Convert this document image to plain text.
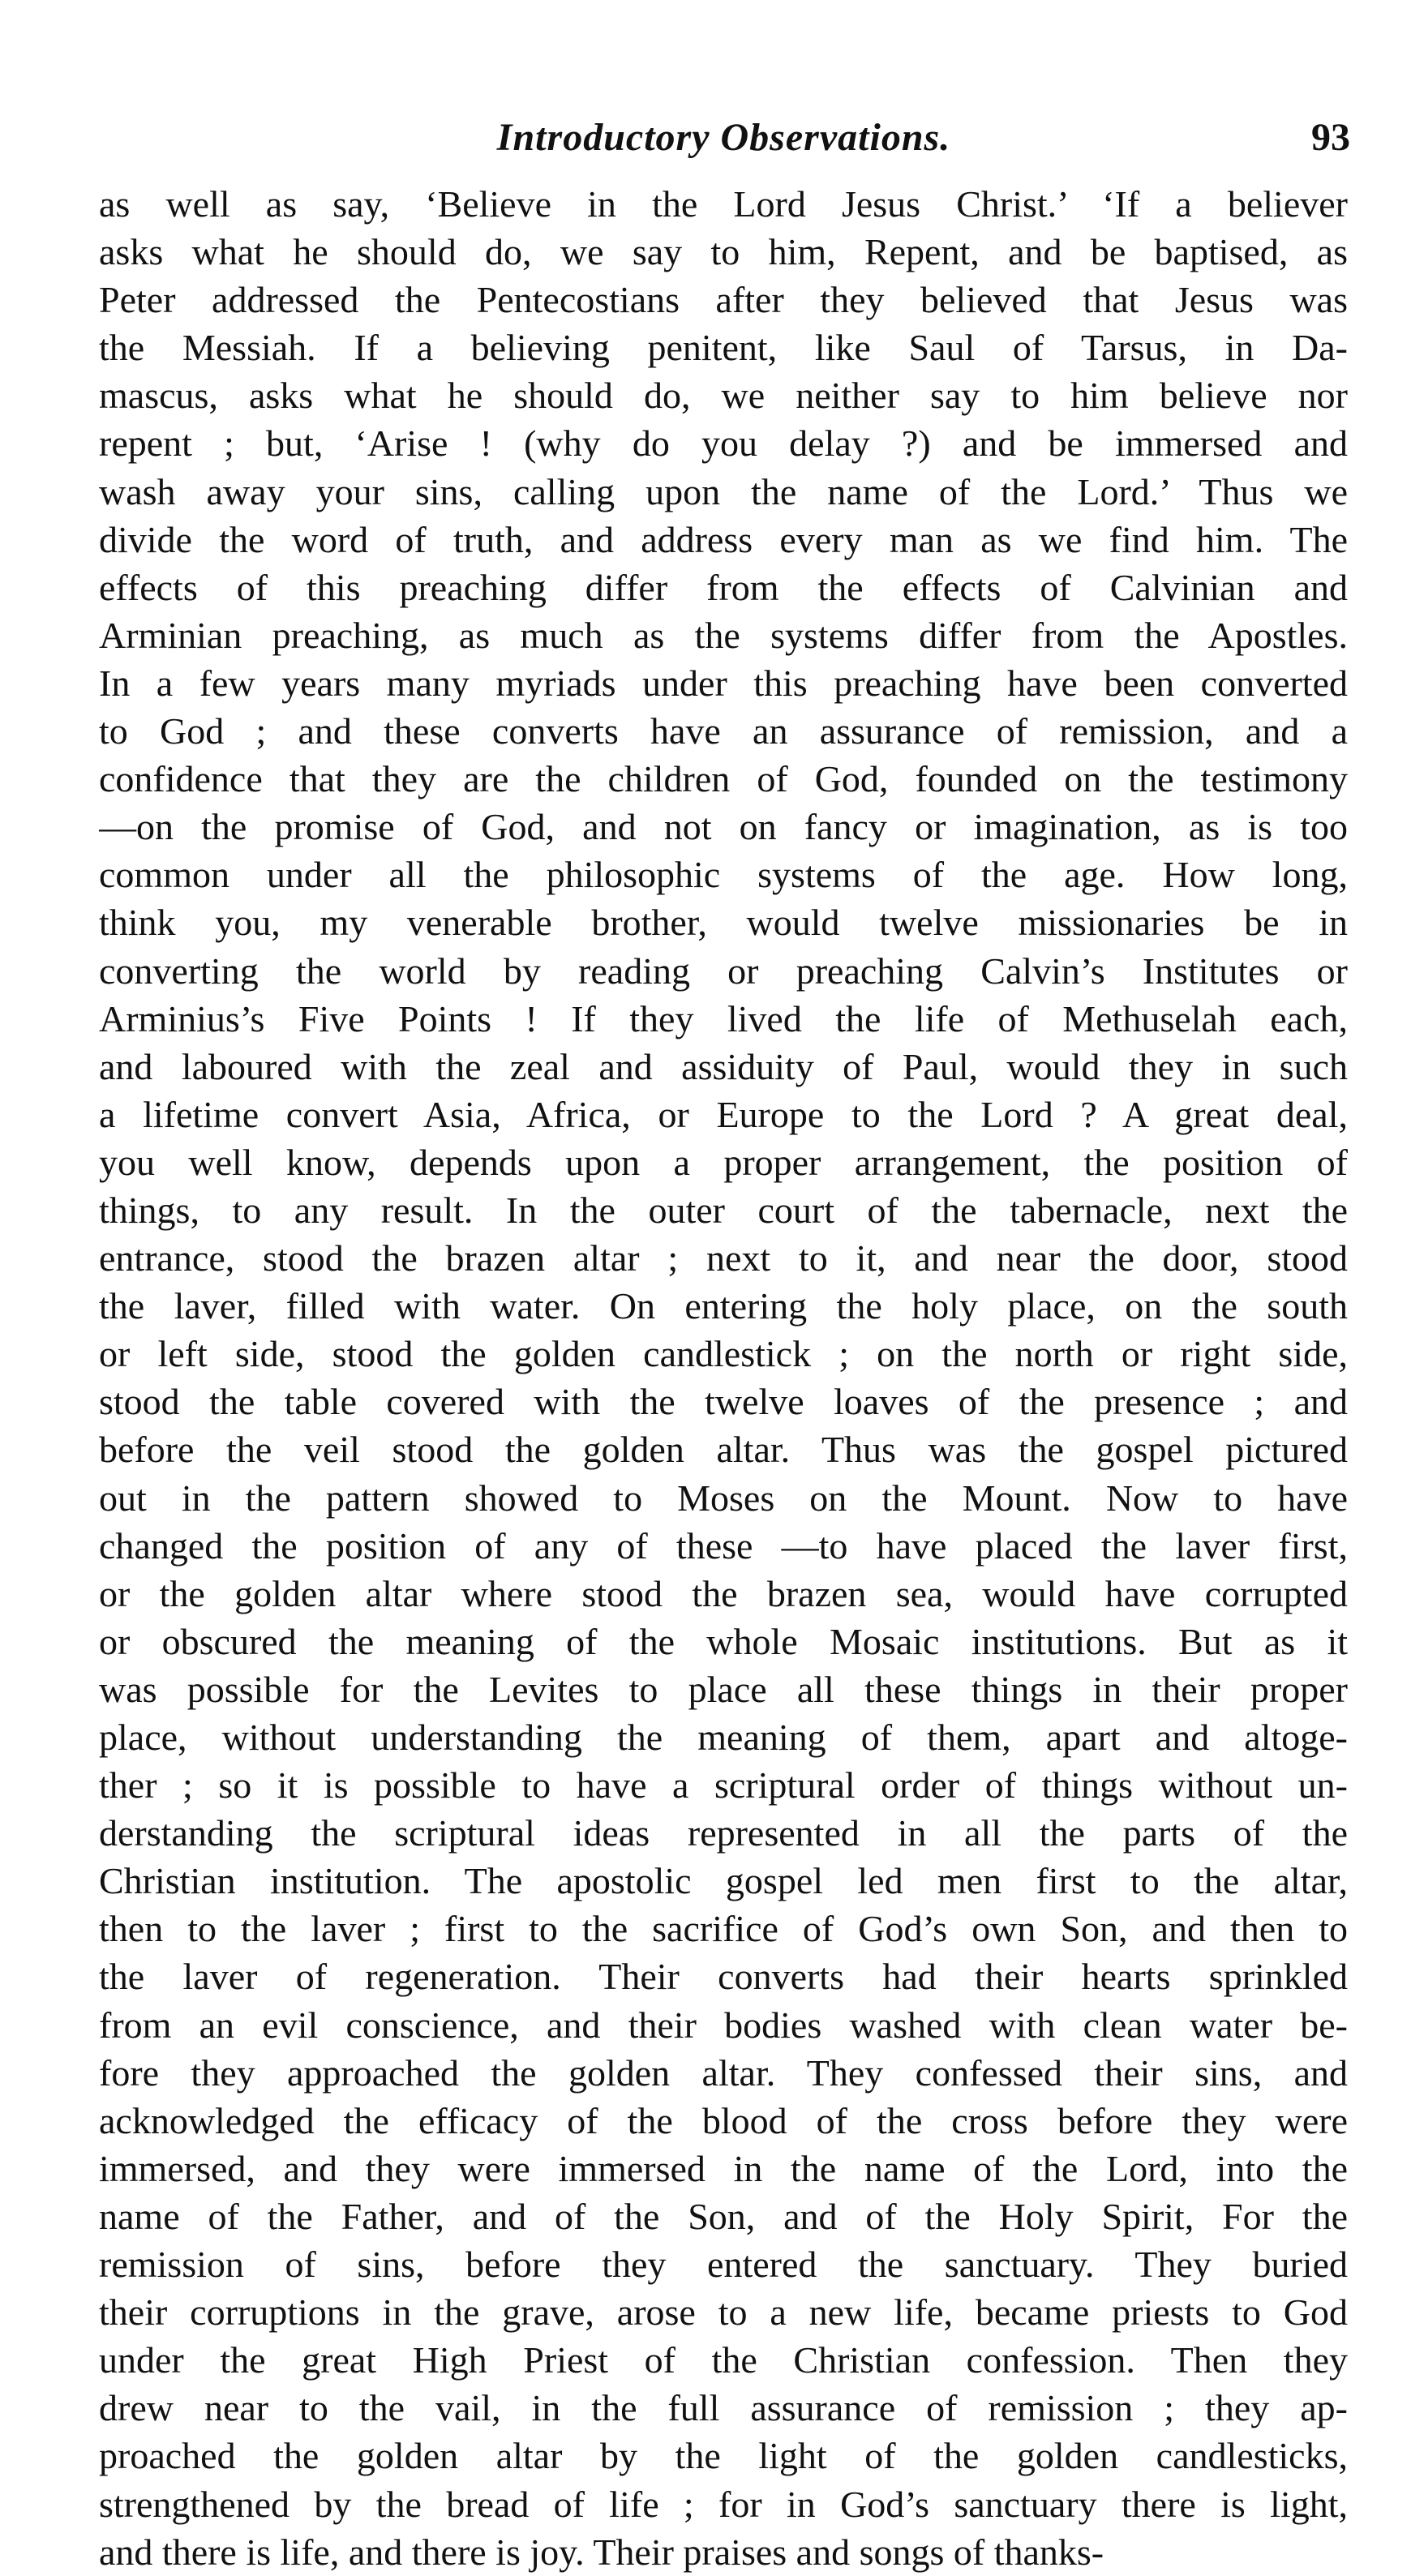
Introductory Observations.	93
as well as say, ‘Believe in the Lord Jesus Christ.’ ‘If a believer
asks what he should do, we say to him, Repent, and be baptised, as
Peter addressed the Pentecostians after they believed that Jesus was
the Messiah. If a believing penitent, like Saul of Tarsus, in Da-
mascus, asks what he should do, we neither say to him believe nor
repent ; but, ‘Arise ! (why do you delay ?) and be immersed and
wash away your sins, calling upon the name of the Lord.’ Thus we
divide the word of truth, and address every man as we find him. The
effects of this preaching differ from the effects of Calvinian and
Arminian preaching, as much as the systems differ from the Apostles.
In a few years many myriads under this preaching have been converted
to God ; and these converts have an assurance of remission, and a
confidence that they are the children of God, founded on the testimony
—on the promise of God, and not on fancy or imagination, as is too
common under all the philosophic systems of the age. How long,
think you, my venerable brother, would twelve missionaries be in
converting the world by reading or preaching Calvin’s Institutes or
Arminius’s Five Points ! If they lived the life of Methuselah each,
and laboured with the zeal and assiduity of Paul, would they in such
a lifetime convert Asia, Africa, or Europe to the Lord ? A great deal,
you well know, depends upon a proper arrangement, the position of
things, to any result. In the outer court of the tabernacle, next the
entrance, stood the brazen altar ; next to it, and near the door, stood
the laver, filled with water. On entering the holy place, on the south
or left side, stood the golden candlestick ; on the north or right side,
stood the table covered with the twelve loaves of the presence ; and
before the veil stood the golden altar. Thus was the gospel pictured
out in the pattern showed to Moses on the Mount. Now to have
changed the position of any of these —to have placed the laver first,
or the golden altar where stood the brazen sea, would have corrupted
or obscured the meaning of the whole Mosaic institutions. But as it
was possible for the Levites to place all these things in their proper
place, without understanding the meaning of them, apart and altoge-
ther ; so it is possible to have a scriptural order of things without un-
derstanding the scriptural ideas represented in all the parts of the
Christian institution. The apostolic gospel led men first to the altar,
then to the laver ; first to the sacrifice of God’s own Son, and then to
the laver of regeneration. Their converts had their hearts sprinkled
from an evil conscience, and their bodies washed with clean water be-
fore they approached the golden altar. They confessed their sins, and
acknowledged the efficacy of the blood of the cross before they were
immersed, and they were immersed in the name of the Lord, into the
name of the Father, and of the Son, and of the Holy Spirit, For the
remission of sins, before they entered the sanctuary. They buried
their corruptions in the grave, arose to a new life, became priests to God
under the great High Priest of the Christian confession. Then they
drew near to the vail, in the full assurance of remission ; they ap-
proached the golden altar by the light of the golden candlesticks,
strengthened by the bread of life ; for in God’s sanctuary there is light,
and there is life, and there is joy. Their praises and songs of thanks-
